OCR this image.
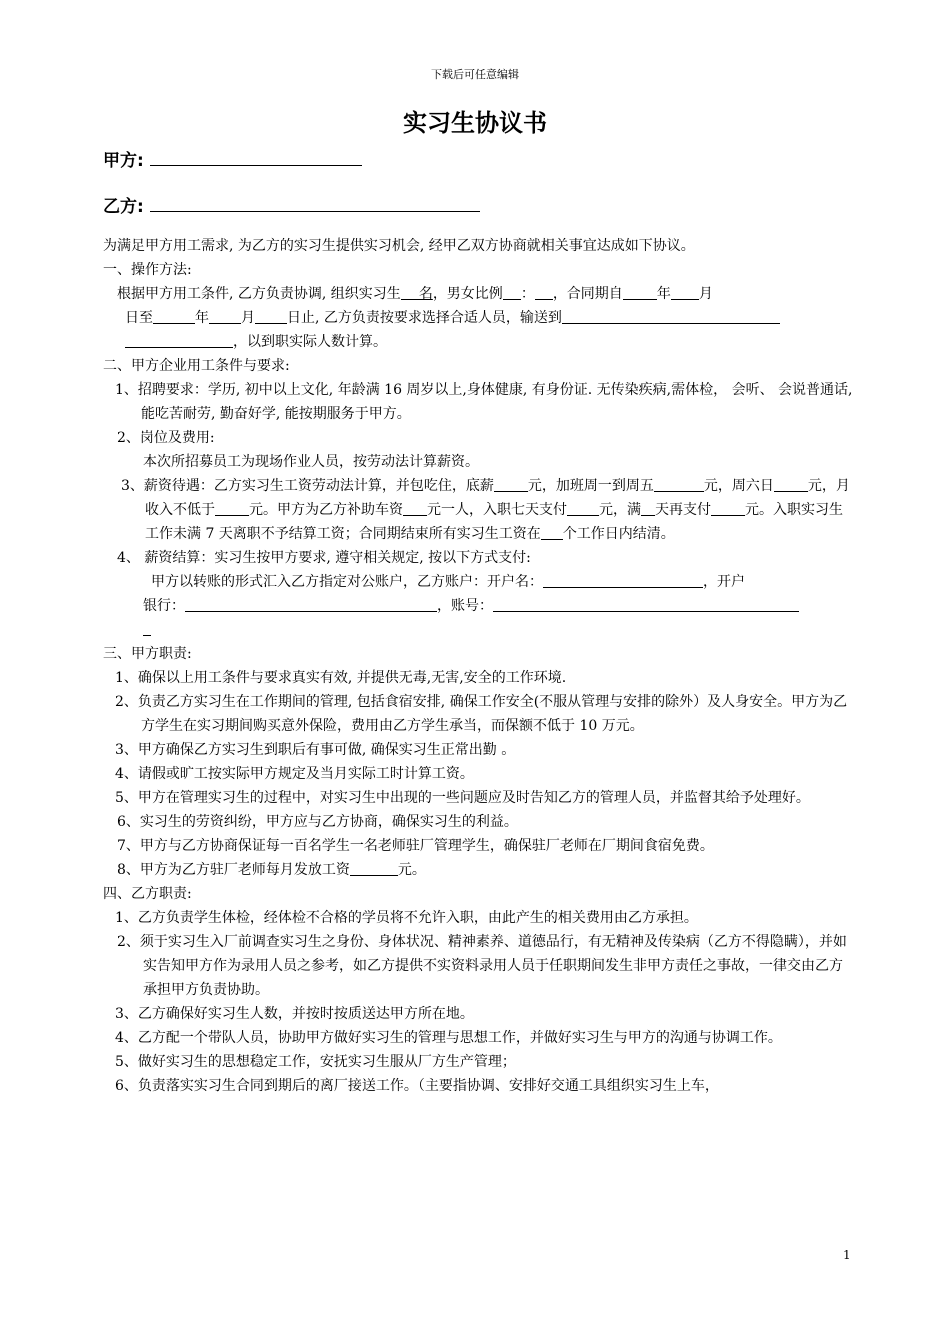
下载后可任意编辑
实习生协议书
甲方:
乙方:

为满足甲方用工需求, 为乙方的实习生提供实习机会, 经甲乙双方协商就相关事宜达成如下协议。

一、操作方法:

根据甲方用工条件, 乙方负责协调, 组织实习生 名，男女比例 ： ，合同期自 年 月

日至	年 月 日止, 乙方负责按要求选择合适人员，输送到

，以到职实际人数计算。

二、甲方企业用工条件与要求:

1、招聘要求：学历, 初中以上文化, 年龄满 16 周岁以上,身体健康, 有身份证. 无传染疾病,需体检， 会听、 会说普通话, 能吃苦耐劳, 勤奋好学, 能按期服务于甲方。

2、岗位及费用:

本次所招募员工为现场作业人员，按劳动法计算薪资。

3、薪资待遇：乙方实习生工资劳动法计算，并包吃住，底薪 元，加班周一到周五	元，周六日 元，月收入不低于 元。甲方为乙方补助车资 元一人，入职七天支付 元，满 天再支付 元。入职实习生工作未满 7 天离职不予结算工资；合同期结束所有实习生工资在 个工作日内结清。

4、 薪资结算：实习生按甲方要求, 遵守相关规定, 按以下方式支付:

甲方以转账的形式汇入乙方指定对公账户，乙方账户：开户名：	，开户

银行：	，账号：

三、甲方职责:

1、确保以上用工条件与要求真实有效, 并提供无毒,无害,安全的工作环境.

2、负责乙方实习生在工作期间的管理, 包括食宿安排, 确保工作安全(不服从管理与安排的除外）及人身安全。甲方为乙方学生在实习期间购买意外保险，费用由乙方学生承当，而保额不低于 10 万元。

3、甲方确保乙方实习生到职后有事可做, 确保实习生正常出勤 。

4、请假或旷工按实际甲方规定及当月实际工时计算工资。

5、甲方在管理实习生的过程中，对实习生中出现的一些问题应及时告知乙方的管理人员，并监督其给予处理好。

6、实习生的劳资纠纷，甲方应与乙方协商，确保实习生的利益。

7、甲方与乙方协商保证每一百名学生一名老师驻厂管理学生，确保驻厂老师在厂期间食宿免费。

8、甲方为乙方驻厂老师每月发放工资	元。

四、乙方职责:

1、乙方负责学生体检，经体检不合格的学员将不允许入职，由此产生的相关费用由乙方承担。

2、须于实习生入厂前调查实习生之身份、身体状况、精神素养、道德品行，有无精神及传染病（乙方不得隐瞒），并如实告知甲方作为录用人员之参考，如乙方提供不实资料录用人员于任职期间发生非甲方责任之事故，一律交由乙方承担甲方负责协助。

3、乙方确保好实习生人数，并按时按质送达甲方所在地。

4、乙方配一个带队人员，协助甲方做好实习生的管理与思想工作，并做好实习生与甲方的沟通与协调工作。

5、做好实习生的思想稳定工作，安抚实习生服从厂方生产管理；

6、负责落实实习生合同到期后的离厂接送工作。（主要指协调、安排好交通工具组织实习生上车，

1
